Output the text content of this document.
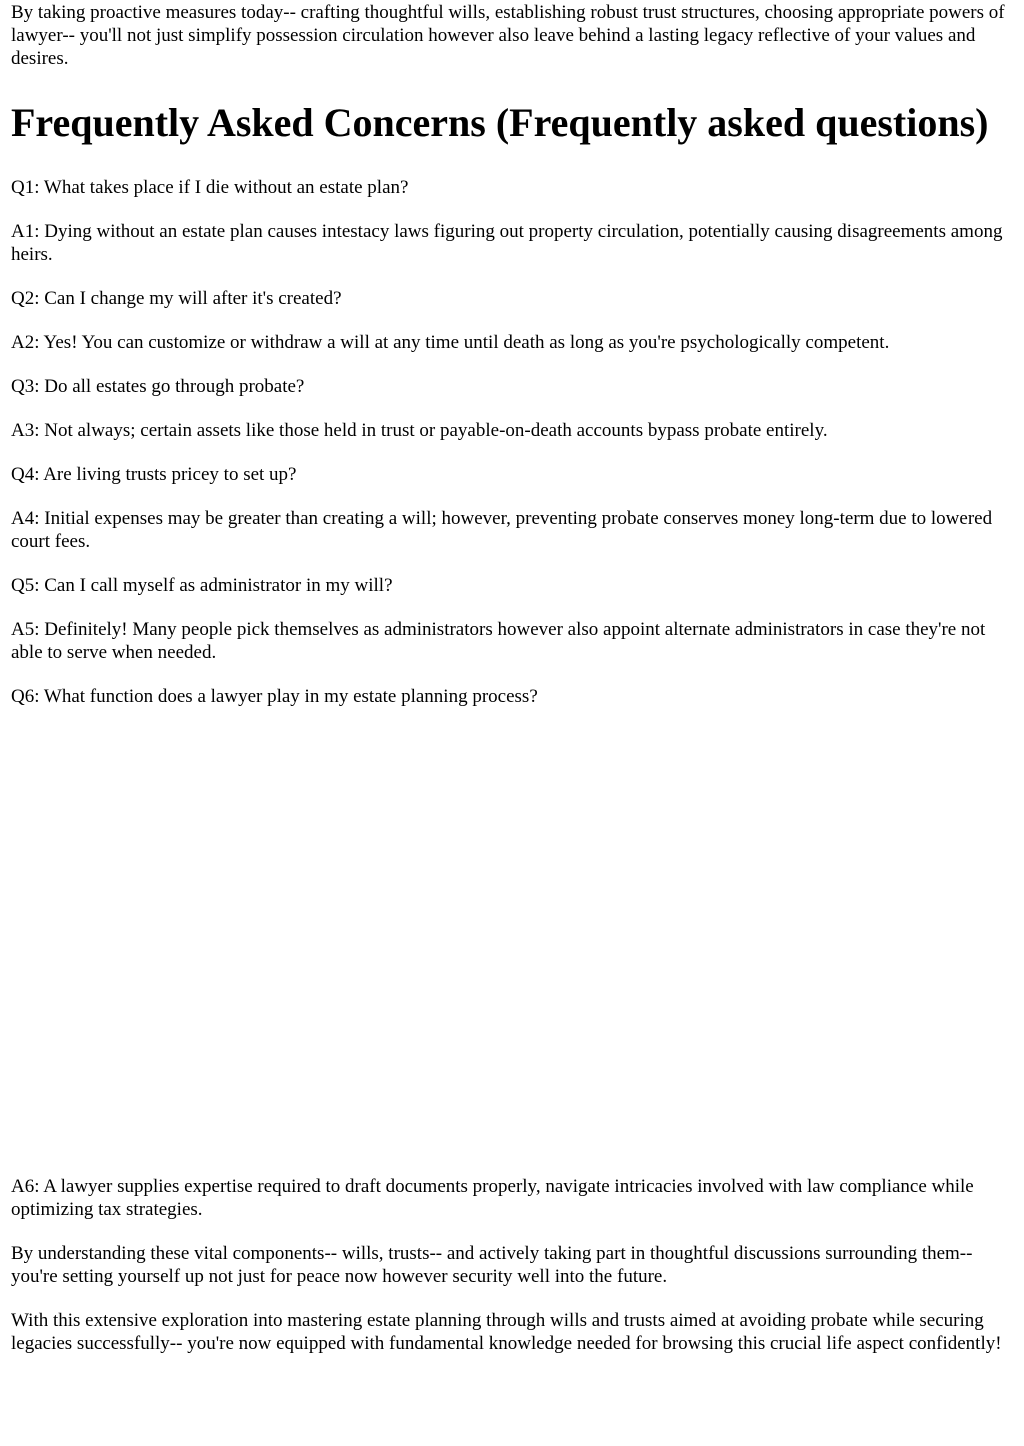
By taking proactive measures today-- crafting thoughtful wills, establishing robust trust structures, choosing appropriate powers of lawyer-- you'll not just simplify possession circulation however also leave behind a lasting legacy reflective of your values and desires.

Frequently Asked Concerns (Frequently asked questions)

Q1: What takes place if I die without an estate plan?

A1: Dying without an estate plan causes intestacy laws figuring out property circulation, potentially causing disagreements among heirs.

Q2: Can I change my will after it's created?

A2: Yes! You can customize or withdraw a will at any time until death as long as you're psychologically competent.

Q3: Do all estates go through probate?

A3: Not always; certain assets like those held in trust or payable-on-death accounts bypass probate entirely.

Q4: Are living trusts pricey to set up?

A4: Initial expenses may be greater than creating a will; however, preventing probate conserves money long-term due to lowered court fees.

Q5: Can I call myself as administrator in my will?

A5: Definitely! Many people pick themselves as administrators however also appoint alternate administrators in case they're not able to serve when needed.

Q6: What function does a lawyer play in my estate planning process?

A6: A lawyer supplies expertise required to draft documents properly, navigate intricacies involved with law compliance while optimizing tax strategies.

By understanding these vital components-- wills, trusts-- and actively taking part in thoughtful discussions surrounding them-- you're setting yourself up not just for peace now however security well into the future.

With this extensive exploration into mastering estate planning through wills and trusts aimed at avoiding probate while securing legacies successfully-- you're now equipped with fundamental knowledge needed for browsing this crucial life aspect confidently!
